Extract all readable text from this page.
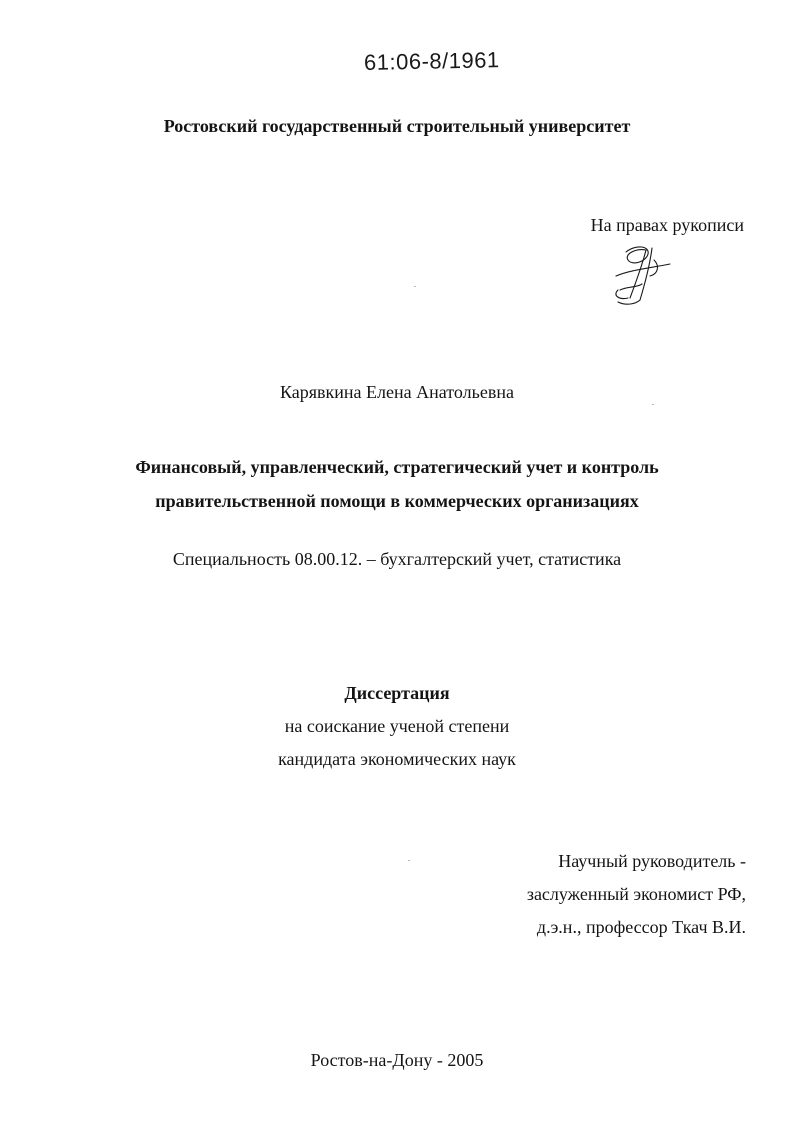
61:06-8/1961
Ростовский государственный строительный университет
На правах рукописи
Карявкина Елена Анатольевна
Финансовый, управленческий, стратегический учет и контроль
правительственной помощи в коммерческих организациях
Специальность 08.00.12. – бухгалтерский учет, статистика
Диссертация
на соискание ученой степени
кандидата экономических наук
Научный руководитель -
заслуженный экономист РФ,
д.э.н., профессор Ткач В.И.
Ростов-на-Дону - 2005
